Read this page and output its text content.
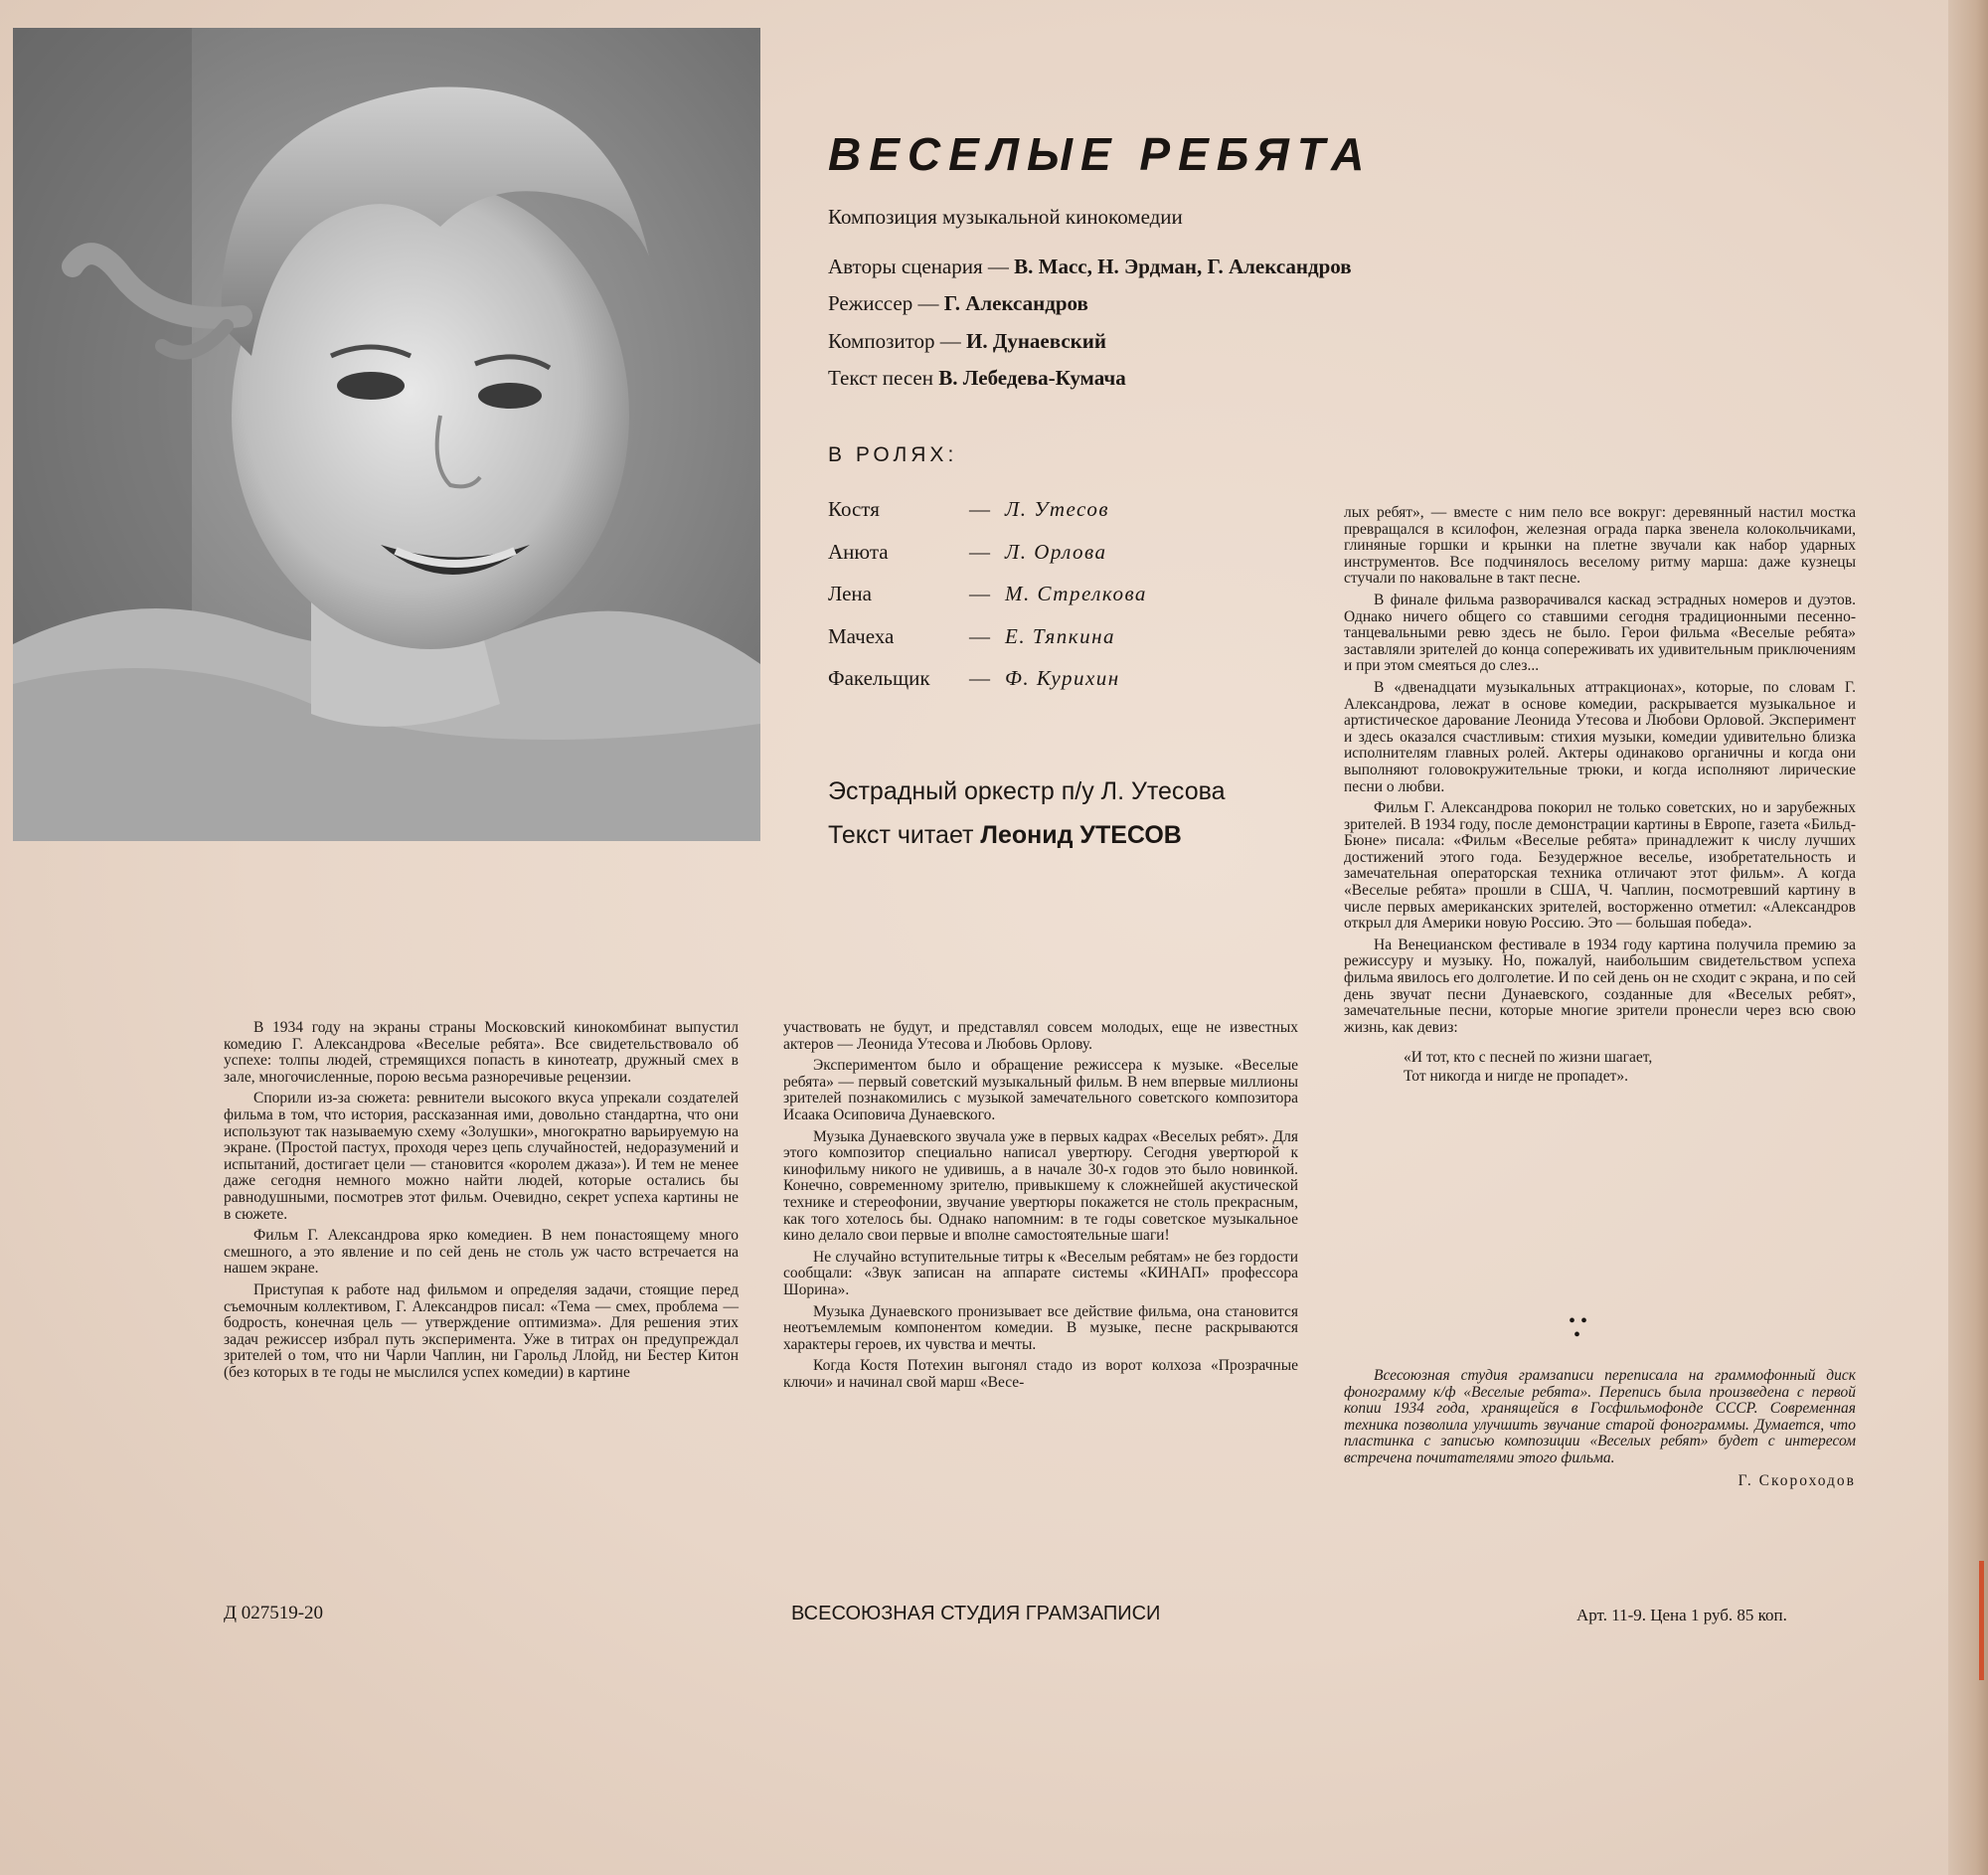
ВЕСЕЛЫЕ РЕБЯТА
Композиция музыкальной кинокомедии
Авторы сценария — В. Масс, Н. Эрдман, Г. Александров
Режиссер — Г. Александров
Композитор — И. Дунаевский
Текст песен В. Лебедева-Кумача
В РОЛЯХ:
Костя	— Л. Утесов
Анюта	— Л. Орлова
Лена	— М. Стрелкова
Мачеха	— Е. Тяпкина
Факельщик — Ф. Курихин
Эстрадный оркестр п/у Л. Утесова
Текст читает Леонид УТЕСОВ

В 1934 году на экраны страны Московский кинокомбинат выпустил комедию Г. Александрова «Веселые ребята». Все свидетельствовало об успехе: толпы людей, стремящихся попасть в кинотеатр, дружный смех в зале, многочисленные, порою весьма разноречивые рецензии.

Спорили из-за сюжета: ревнители высокого вкуса упрекали создателей фильма в том, что история, рассказанная ими, довольно стандартна, что они используют так называемую схему «Золушки», многократно варьируемую на экране. (Простой пастух, проходя через цепь случайностей, недоразумений и испытаний, достигает цели — становится «королем джаза»). И тем не менее даже сегодня немного можно найти людей, которые остались бы равнодушными, посмотрев этот фильм. Очевидно, секрет успеха картины не в сюжете.

Фильм Г. Александрова ярко комедиен. В нем понастоящему много смешного, а это явление и по сей день не столь уж часто встречается на нашем экране.

Приступая к работе над фильмом и определяя задачи, стоящие перед съемочным коллективом, Г. Александров писал: «Тема — смех, проблема — бодрость, конечная цель — утверждение оптимизма». Для решения этих задач режиссер избрал путь эксперимента. Уже в титрах он предупреждал зрителей о том, что ни Чарли Чаплин, ни Гарольд Ллойд, ни Бестер Китон (без которых в те годы не мыслился успех комедии) в картине

участвовать не будут, и представлял совсем молодых, еще не известных актеров — Леонида Утесова и Любовь Орлову.

Экспериментом было и обращение режиссера к музыке. «Веселые ребята» — первый советский музыкальный фильм. В нем впервые миллионы зрителей познакомились с музыкой замечательного советского композитора Исаака Осиповича Дунаевского.

Музыка Дунаевского звучала уже в первых кадрах «Веселых ребят». Для этого композитор специально написал увертюру. Сегодня увертюрой к кинофильму никого не удивишь, а в начале 30-х годов это было новинкой. Конечно, современному зрителю, привыкшему к сложнейшей акустической технике и стереофонии, звучание увертюры покажется не столь прекрасным, как того хотелось бы. Однако напомним: в те годы советское музыкальное кино делало свои первые и вполне самостоятельные шаги!

Не случайно вступительные титры к «Веселым ребятам» не без гордости сообщали: «Звук записан на аппарате системы «КИНАП» профессора Шорина».

Музыка Дунаевского пронизывает все действие фильма, она становится неотъемлемым компонентом комедии. В музыке, песне раскрываются характеры героев, их чувства и мечты.

Когда Костя Потехин выгонял стадо из ворот колхоза «Прозрачные ключи» и начинал свой марш «Весе-

лых ребят», — вместе с ним пело все вокруг: деревянный настил мостка превращался в ксилофон, железная ограда парка звенела колокольчиками, глиняные горшки и крынки на плетне звучали как набор ударных инструментов. Все подчинялось веселому ритму марша: даже кузнецы стучали по наковальне в такт песне.

В финале фильма разворачивался каскад эстрадных номеров и дуэтов. Однако ничего общего со ставшими сегодня традиционными песенно-танцевальными ревю здесь не было. Герои фильма «Веселые ребята» заставляли зрителей до конца сопереживать их удивительным приключениям и при этом смеяться до слез...

В «двенадцати музыкальных аттракционах», которые, по словам Г. Александрова, лежат в основе комедии, раскрывается музыкальное и артистическое дарование Леонида Утесова и Любови Орловой. Эксперимент и здесь оказался счастливым: стихия музыки, комедии удивительно близка исполнителям главных ролей. Актеры одинаково органичны и когда они выполняют головокружительные трюки, и когда исполняют лирические песни о любви.

Фильм Г. Александрова покорил не только советских, но и зарубежных зрителей. В 1934 году, после демонстрации картины в Европе, газета «Бильд-Бюне» писала: «Фильм «Веселые ребята» принадлежит к числу лучших достижений этого года. Безудержное веселье, изобретательность и замечательная операторская техника отличают этот фильм». А когда «Веселые ребята» прошли в США, Ч. Чаплин, посмотревший картину в числе первых американских зрителей, восторженно отметил: «Александров открыл для Америки новую Россию. Это — большая победа».

На Венецианском фестивале в 1934 году картина получила премию за режиссуру и музыку. Но, пожалуй, наибольшим свидетельством успеха фильма явилось его долголетие. И по сей день он не сходит с экрана, и по сей день звучат песни Дунаевского, созданные для «Веселых ребят», замечательные песни, которые многие зрители пронесли через всю свою жизнь, как девиз:

«И тот, кто с песней по жизни шагает,

Тот никогда и нигде не пропадет».

• •
•

Всесоюзная студия грамзаписи переписала на граммофонный диск фонограмму к/ф «Веселые ребята». Перепись была произведена с первой копии 1934 года, хранящейся в Госфильмофонде СССР. Современная техника позволила улучшить звучание старой фонограммы. Думается, что пластинка с записью композиции «Веселых ребят» будет с интересом встречена почитателями этого фильма.

Г. Скороходов

Д 027519-20	ВСЕСОЮЗНАЯ СТУДИЯ ГРАМЗАПИСИ	Арт. 11-9. Цена 1 руб. 85 коп.
